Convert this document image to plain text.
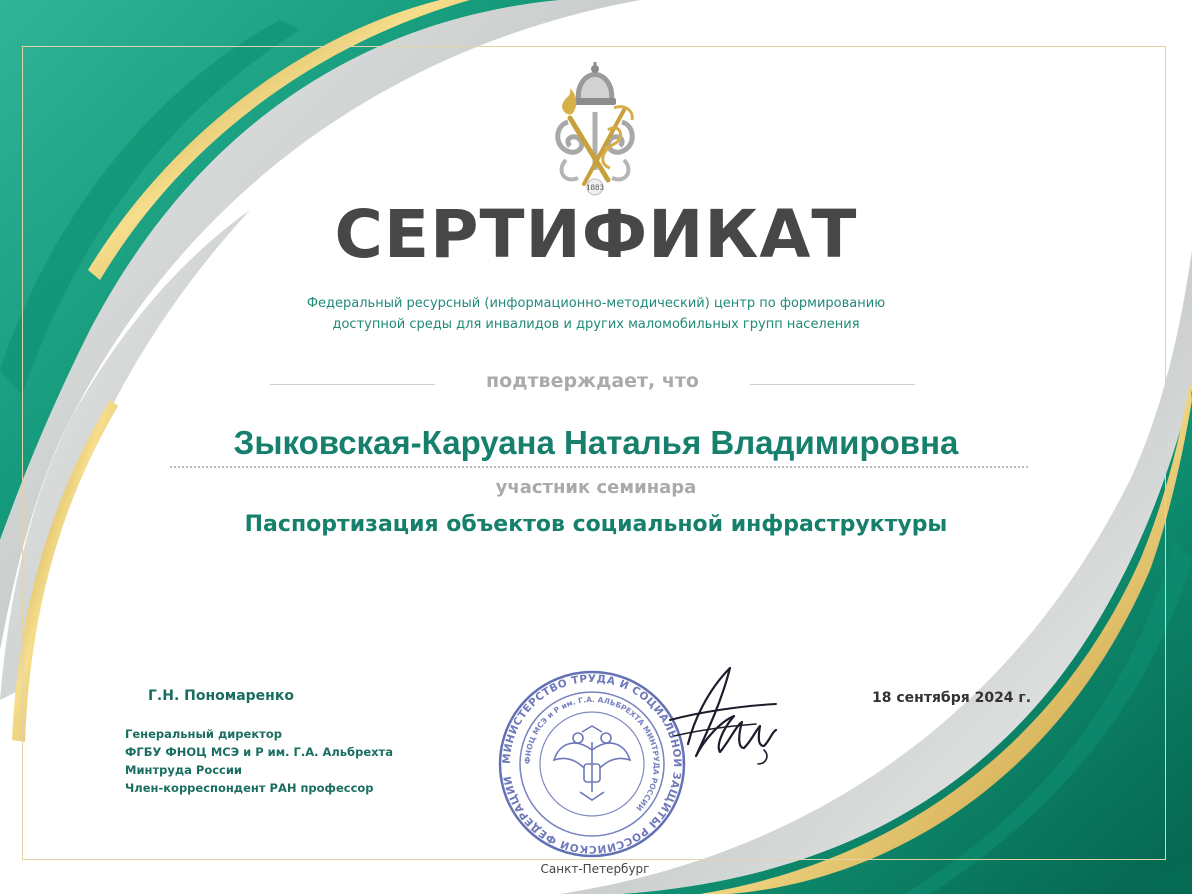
1883
СЕРТИФИКАТ
Федеральный ресурсный (информационно-методический) центр по формированию
доступной среды для инвалидов и других маломобильных групп населения
подтверждает, что
Зыковская-Каруана Наталья Владимировна
участник семинара
Паспортизация объектов социальной инфраструктуры
Г.Н. Пономаренко
Генеральный директор
ФГБУ ФНОЦ МСЭ и Р им. Г.А. Альбрехта
Минтруда России
Член-корреспондент РАН профессор
18 сентября 2024 г.
МИНИСТЕРСТВО ТРУДА И СОЦИАЛЬНОЙ ЗАЩИТЫ РОССИЙСКОЙ ФЕДЕРАЦИИ
ФНОЦ МСЭ и Р им. Г.А. АЛЬБРЕХТА МИНТРУДА РОССИИ
Санкт-Петербург
